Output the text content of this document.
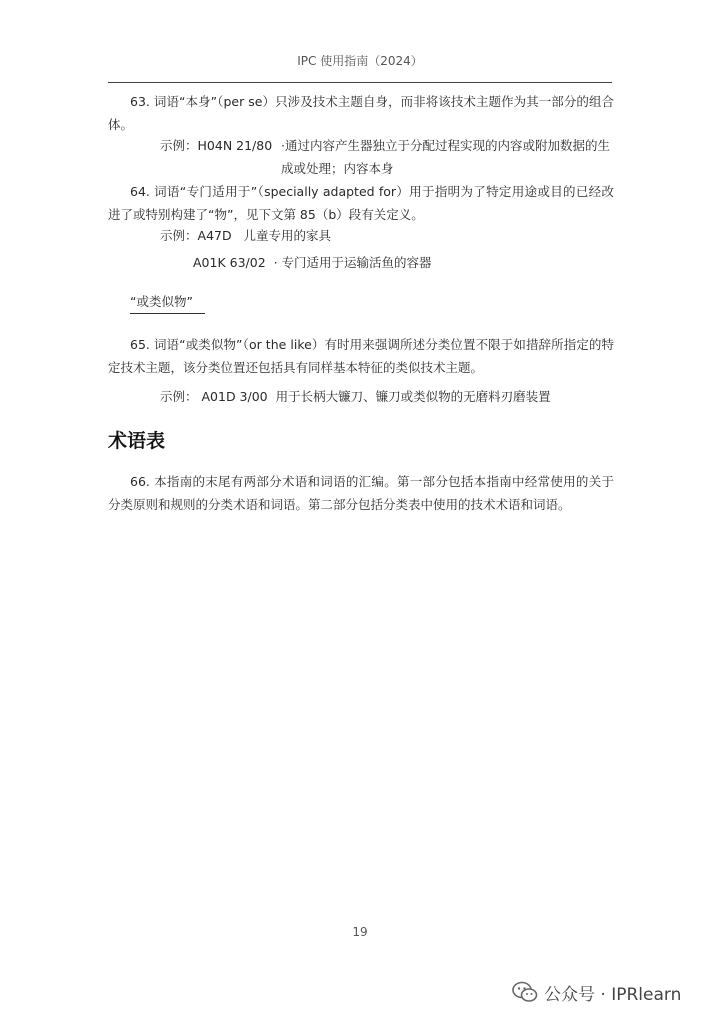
IPC 使用指南（2024）
63. 词语“本身”（per se）只涉及技术主题自身，而非将该技术主题作为其一部分的组合体。
示例：H04N 21/80 ·通过内容产生器独立于分配过程实现的内容或附加数据的生成或处理；内容本身
64. 词语“专门适用于”（specially adapted for）用于指明为了特定用途或目的已经改进了或特别构建了“物”，见下文第 85（b）段有关定义。
示例：A47D 儿童专用的家具
A01K 63/02 · 专门适用于运输活鱼的容器
“或类似物”
65. 词语“或类似物”（or the like）有时用来强调所述分类位置不限于如措辞所指定的特定技术主题，该分类位置还包括具有同样基本特征的类似技术主题。
示例： A01D 3/00 用于长柄大镰刀、镰刀或类似物的无磨料刃磨装置
术语表
66. 本指南的末尾有两部分术语和词语的汇编。第一部分包括本指南中经常使用的关于分类原则和规则的分类术语和词语。第二部分包括分类表中使用的技术术语和词语。
19
公众号 · IPRlearn
